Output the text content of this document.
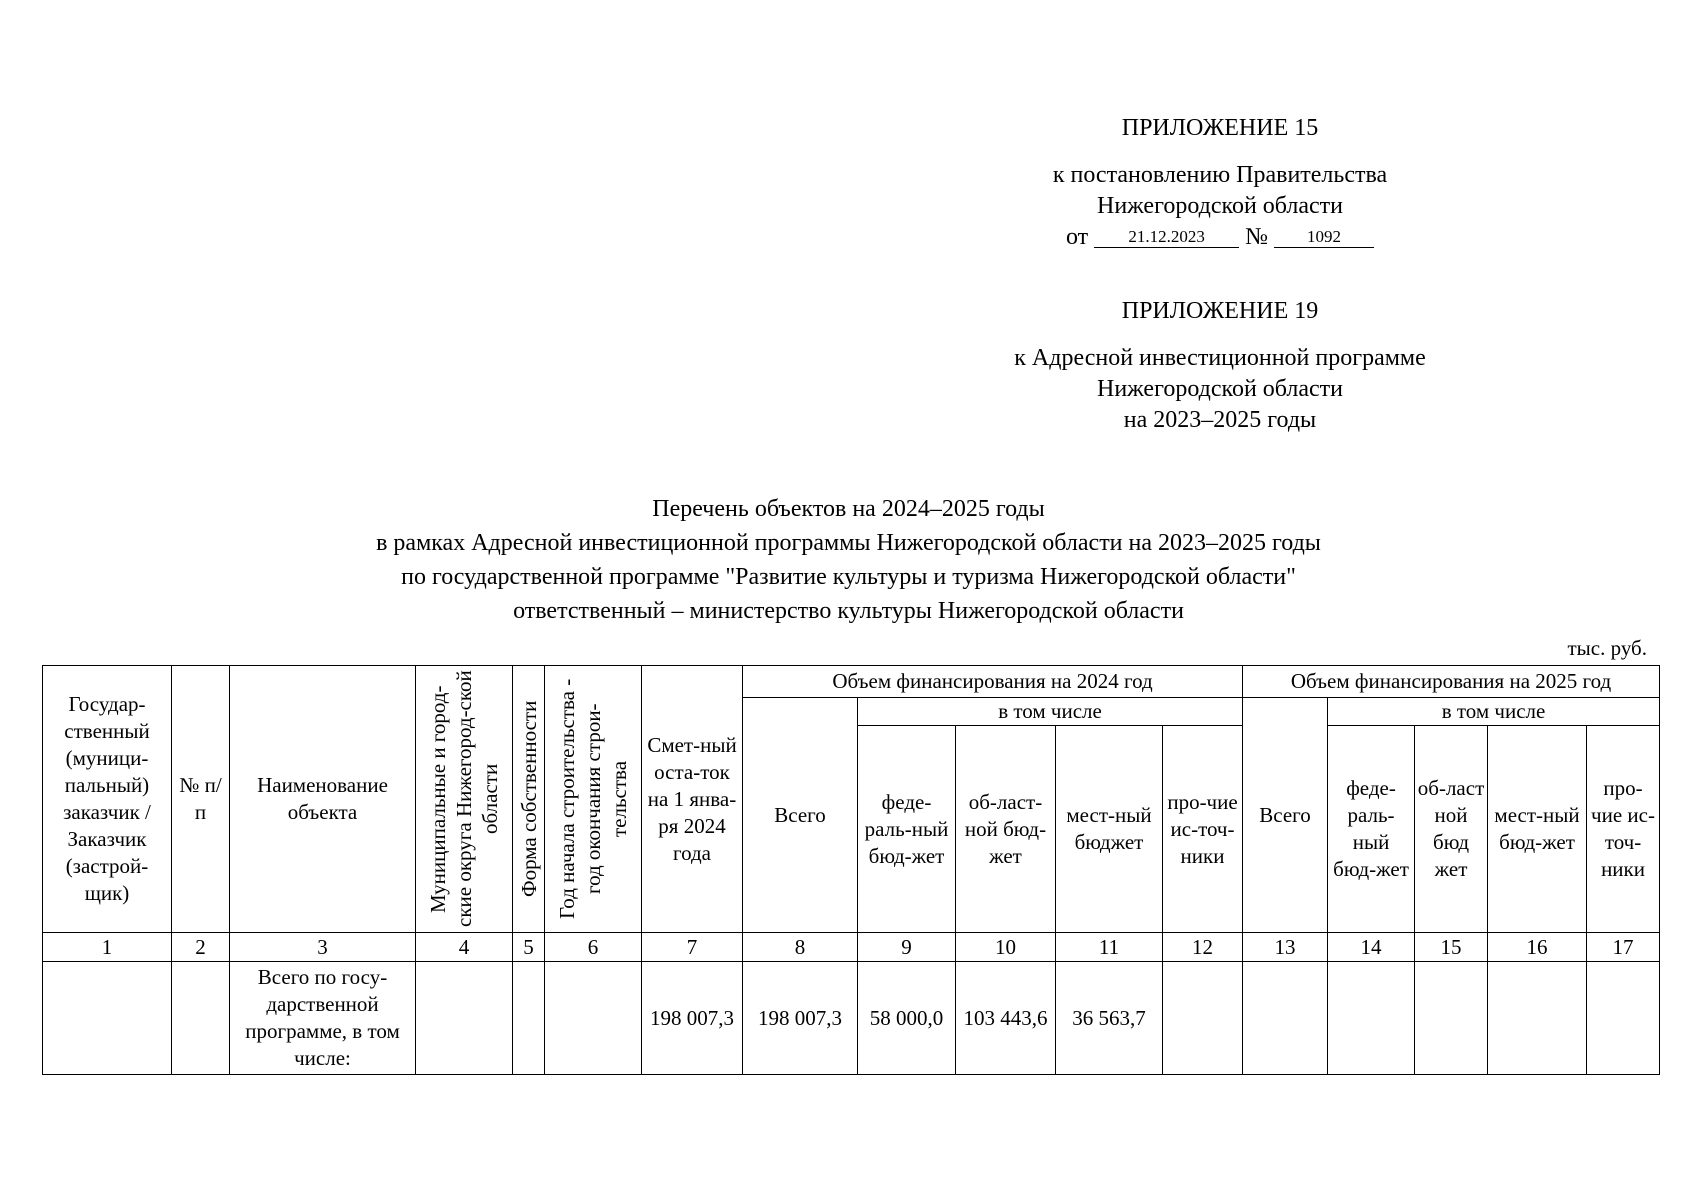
ПРИЛОЖЕНИЕ 15
к постановлению Правительства
Нижегородской области
от 21.12.2023 № 1092
ПРИЛОЖЕНИЕ 19
к Адресной инвестиционной программе
Нижегородской области
на 2023–2025 годы
Перечень объектов на 2024–2025 годы
в рамках Адресной инвестиционной программы Нижегородской области на 2023–2025 годы
по государственной программе "Развитие культуры и туризма Нижегородской области"
ответственный – министерство культуры Нижегородской области
тыс. руб.
Государ-ственный (муници-пальный) заказчик / Заказчик (застрой-щик)	№ п/п	Наименование объекта	Муниципальные и город-ские округа Нижегород-ской области	Форма собственности	Год начала строительства - год окончания строи-тельства	Смет-ный оста-ток на 1 янва-ря 2024 года	Объем финансирования на 2024 год					Объем финансирования на 2025 год				
							Всего	в том числе				Всего	в том числе			
								феде-раль-ный бюд-жет	об-ласт-ной бюд-жет	мест-ный бюджет	про-чие ис-точ-ники		феде-раль-ный бюд-жет	об-ласт ной бюд жет	мест-ный бюд-жет	про-чие ис-точ-ники
1	2	3	4	5	6	7	8	9	10	11	12	13	14	15	16	17
		Всего по госу-дарственной программе, в том числе:				198 007,3	198 007,3	58 000,0	103 443,6	36 563,7						
